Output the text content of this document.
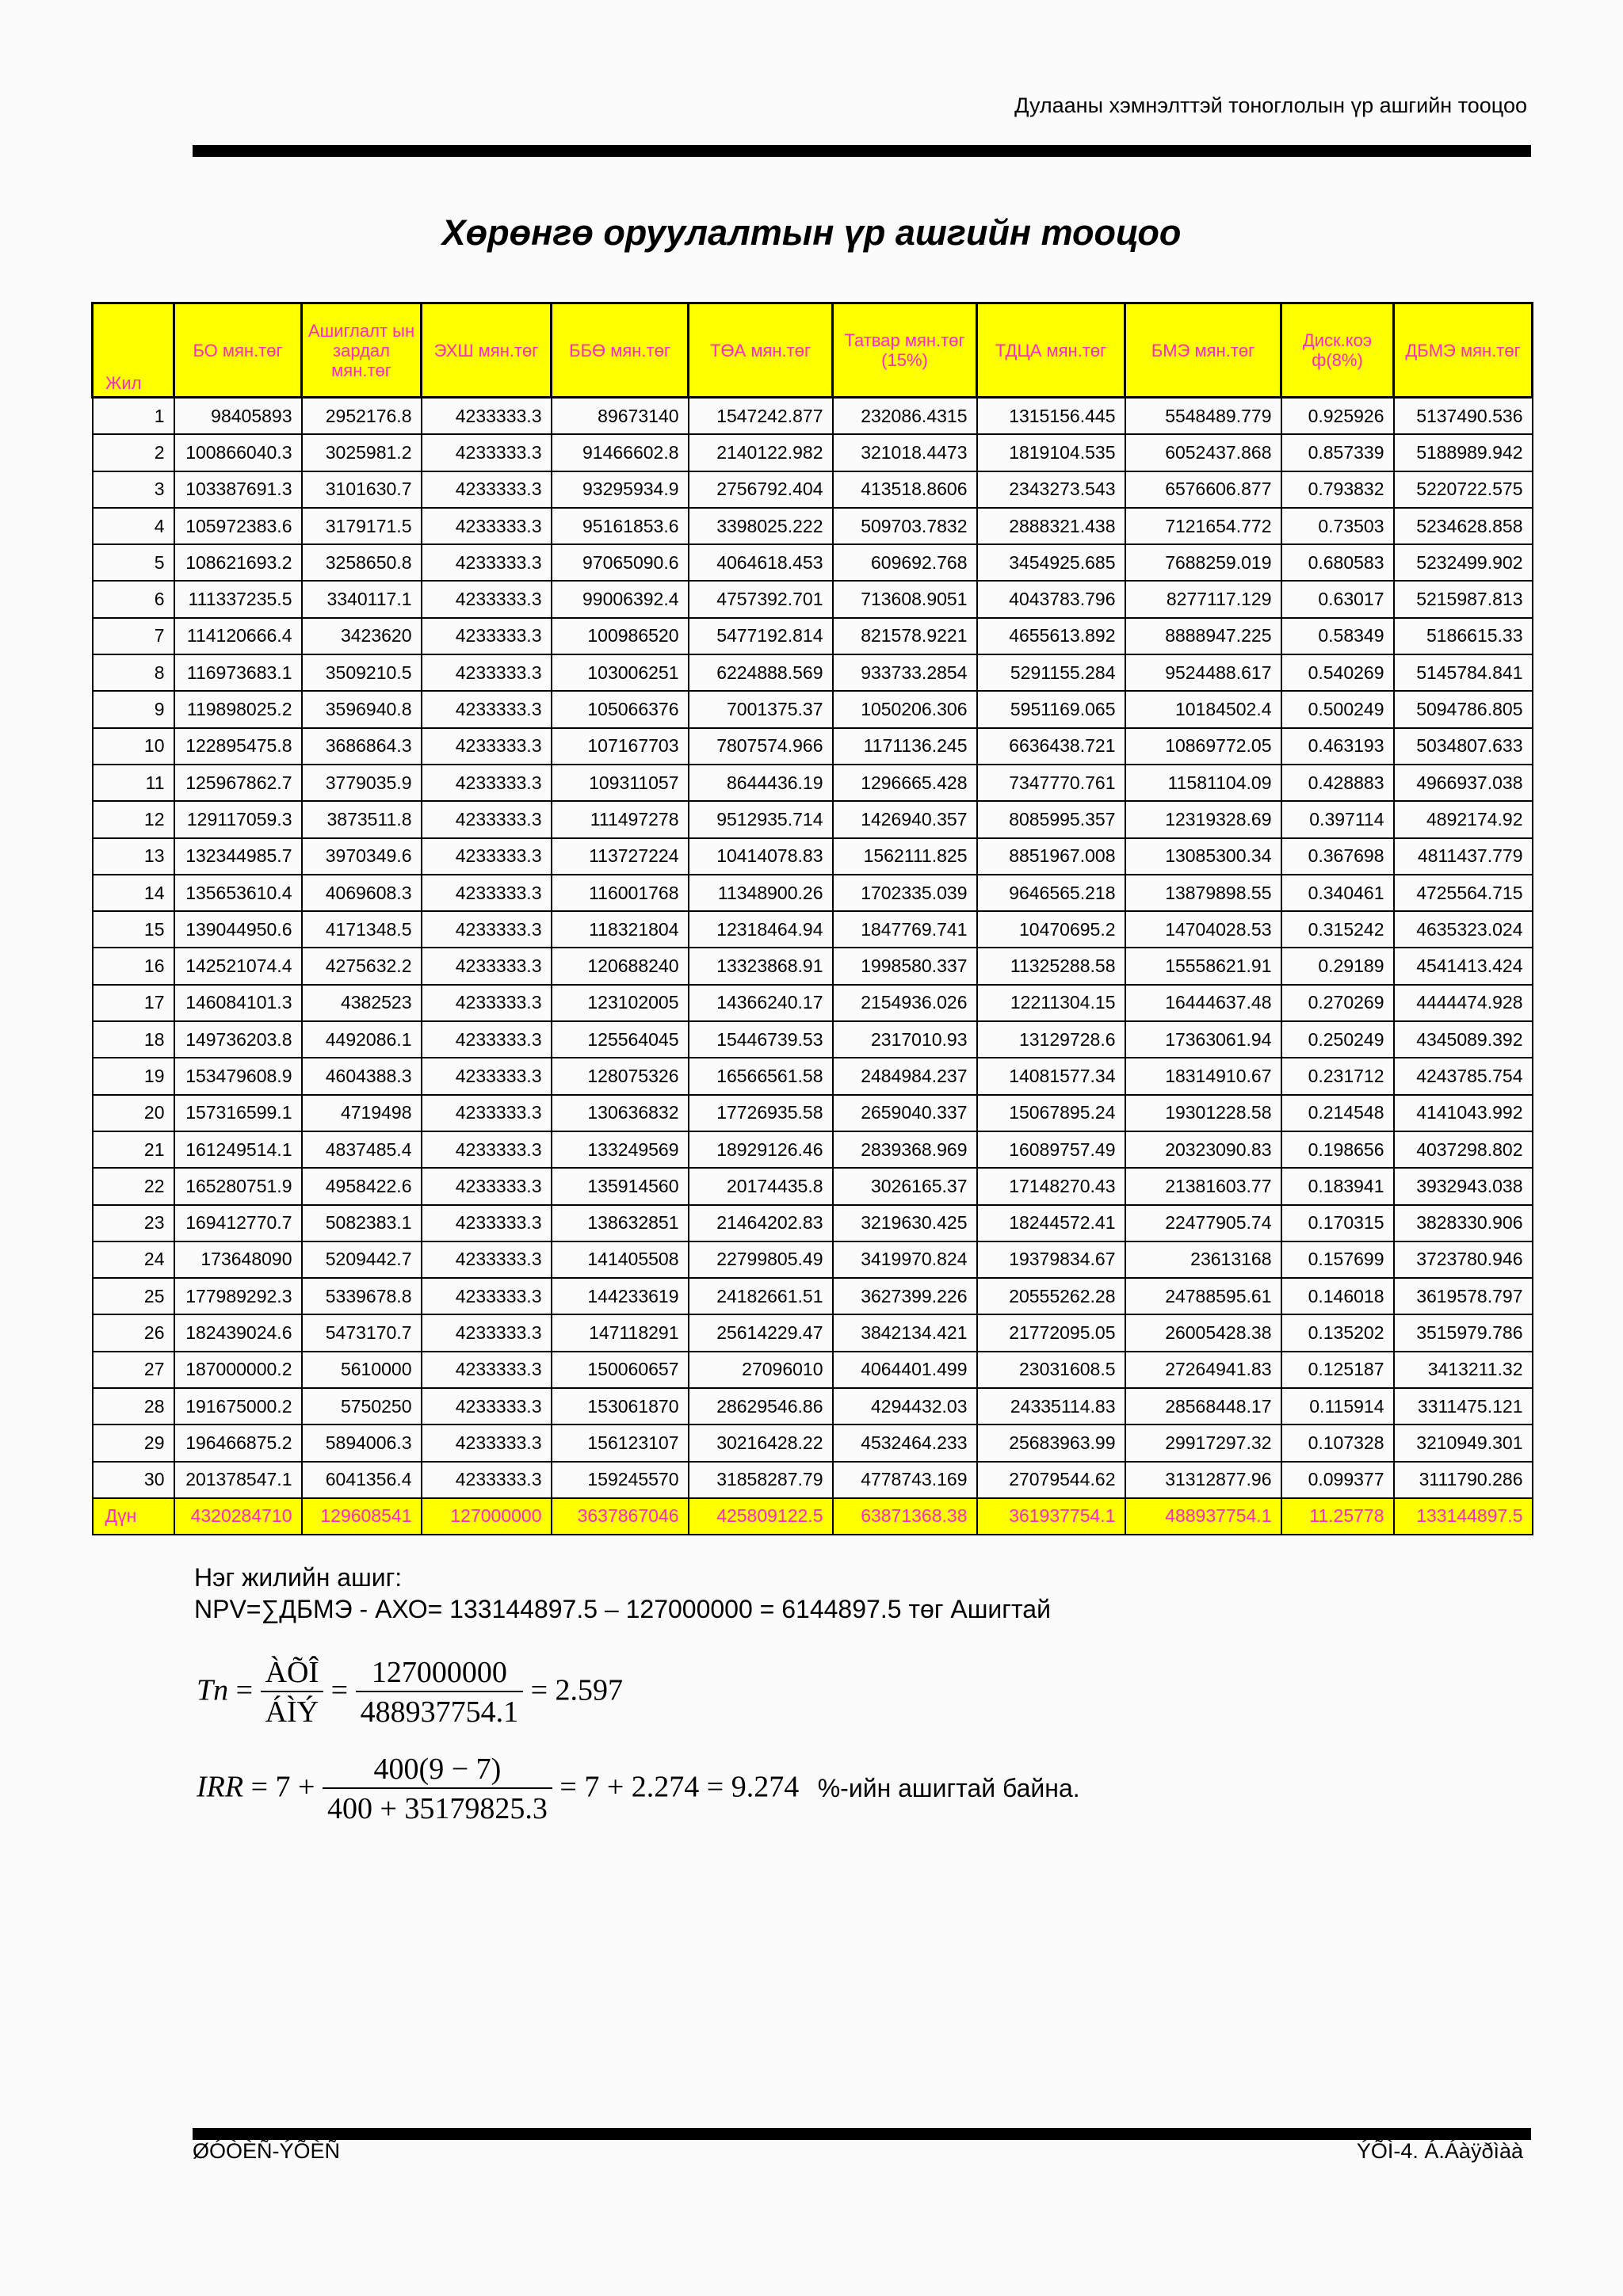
Дулааны хэмнэлттэй тоноглолын үр ашгийн тооцоо
Хөрөнгө оруулалтын үр ашгийн тооцоо
Жил	БО мян.төг	Ашиглалт ын зардал мян.төг	ЭХШ мян.төг	ББӨ мян.төг	ТӨА мян.төг	Татвар мян.төг (15%)	ТДЦА мян.төг	БМЭ мян.төг	Диск.коэ ф(8%)	ДБМЭ мян.төг
1	98405893	2952176.8	4233333.3	89673140	1547242.877	232086.4315	1315156.445	5548489.779	0.925926	5137490.536
2	100866040.3	3025981.2	4233333.3	91466602.8	2140122.982	321018.4473	1819104.535	6052437.868	0.857339	5188989.942
3	103387691.3	3101630.7	4233333.3	93295934.9	2756792.404	413518.8606	2343273.543	6576606.877	0.793832	5220722.575
4	105972383.6	3179171.5	4233333.3	95161853.6	3398025.222	509703.7832	2888321.438	7121654.772	0.73503	5234628.858
5	108621693.2	3258650.8	4233333.3	97065090.6	4064618.453	609692.768	3454925.685	7688259.019	0.680583	5232499.902
6	111337235.5	3340117.1	4233333.3	99006392.4	4757392.701	713608.9051	4043783.796	8277117.129	0.63017	5215987.813
7	114120666.4	3423620	4233333.3	100986520	5477192.814	821578.9221	4655613.892	8888947.225	0.58349	5186615.33
8	116973683.1	3509210.5	4233333.3	103006251	6224888.569	933733.2854	5291155.284	9524488.617	0.540269	5145784.841
9	119898025.2	3596940.8	4233333.3	105066376	7001375.37	1050206.306	5951169.065	10184502.4	0.500249	5094786.805
10	122895475.8	3686864.3	4233333.3	107167703	7807574.966	1171136.245	6636438.721	10869772.05	0.463193	5034807.633
11	125967862.7	3779035.9	4233333.3	109311057	8644436.19	1296665.428	7347770.761	11581104.09	0.428883	4966937.038
12	129117059.3	3873511.8	4233333.3	111497278	9512935.714	1426940.357	8085995.357	12319328.69	0.397114	4892174.92
13	132344985.7	3970349.6	4233333.3	113727224	10414078.83	1562111.825	8851967.008	13085300.34	0.367698	4811437.779
14	135653610.4	4069608.3	4233333.3	116001768	11348900.26	1702335.039	9646565.218	13879898.55	0.340461	4725564.715
15	139044950.6	4171348.5	4233333.3	118321804	12318464.94	1847769.741	10470695.2	14704028.53	0.315242	4635323.024
16	142521074.4	4275632.2	4233333.3	120688240	13323868.91	1998580.337	11325288.58	15558621.91	0.29189	4541413.424
17	146084101.3	4382523	4233333.3	123102005	14366240.17	2154936.026	12211304.15	16444637.48	0.270269	4444474.928
18	149736203.8	4492086.1	4233333.3	125564045	15446739.53	2317010.93	13129728.6	17363061.94	0.250249	4345089.392
19	153479608.9	4604388.3	4233333.3	128075326	16566561.58	2484984.237	14081577.34	18314910.67	0.231712	4243785.754
20	157316599.1	4719498	4233333.3	130636832	17726935.58	2659040.337	15067895.24	19301228.58	0.214548	4141043.992
21	161249514.1	4837485.4	4233333.3	133249569	18929126.46	2839368.969	16089757.49	20323090.83	0.198656	4037298.802
22	165280751.9	4958422.6	4233333.3	135914560	20174435.8	3026165.37	17148270.43	21381603.77	0.183941	3932943.038
23	169412770.7	5082383.1	4233333.3	138632851	21464202.83	3219630.425	18244572.41	22477905.74	0.170315	3828330.906
24	173648090	5209442.7	4233333.3	141405508	22799805.49	3419970.824	19379834.67	23613168	0.157699	3723780.946
25	177989292.3	5339678.8	4233333.3	144233619	24182661.51	3627399.226	20555262.28	24788595.61	0.146018	3619578.797
26	182439024.6	5473170.7	4233333.3	147118291	25614229.47	3842134.421	21772095.05	26005428.38	0.135202	3515979.786
27	187000000.2	5610000	4233333.3	150060657	27096010	4064401.499	23031608.5	27264941.83	0.125187	3413211.32
28	191675000.2	5750250	4233333.3	153061870	28629546.86	4294432.03	24335114.83	28568448.17	0.115914	3311475.121
29	196466875.2	5894006.3	4233333.3	156123107	30216428.22	4532464.233	25683963.99	29917297.32	0.107328	3210949.301
30	201378547.1	6041356.4	4233333.3	159245570	31858287.79	4778743.169	27079544.62	31312877.96	0.099377	3111790.286
Дүн	4320284710	129608541	127000000	3637867046	425809122.5	63871368.38	361937754.1	488937754.1	11.25778	133144897.5
Нэг жилийн ашиг:
NPV=∑ДБМЭ - АХО= 133144897.5 – 127000000 = 6144897.5 төг Ашигтай
$Tn = \frac{\text{ÀÕÎ}}{\text{ÁÌÝ}} = \frac{127000000}{488937754.1} = 2.597$
IRR = $7 + \frac{400(9 - 7)}{400 + 35179825.3} = 7 + 2.274 = 9.274$ %-ийн ашигтай байна.
ØÓÒÈÑ-ÝÕÈÑ	ÝÕÌ-4. Á.Áàÿðìàà
